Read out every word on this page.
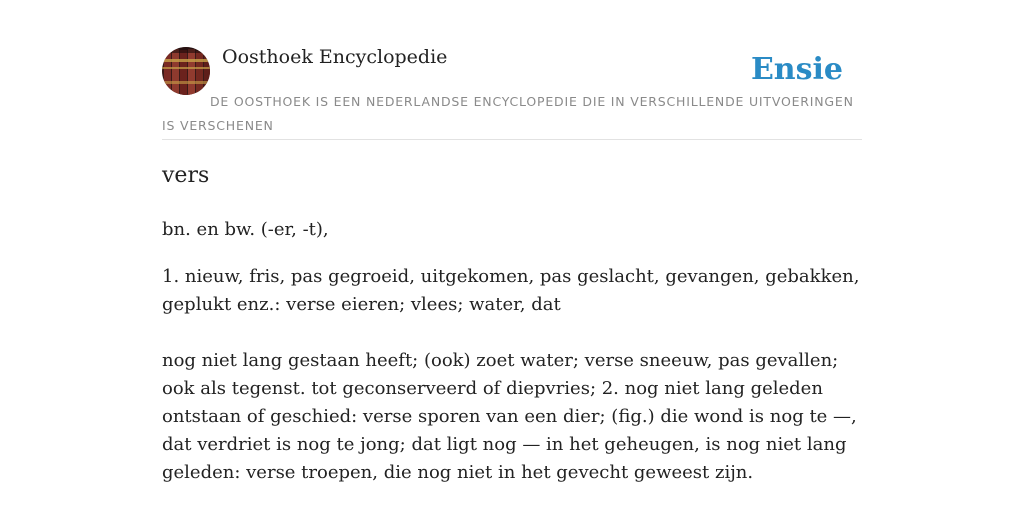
Oosthoek Encyclopedie	Ensie
DE OOSTHOEK IS EEN NEDERLANDSE ENCYCLOPEDIE DIE IN VERSCHILLENDE UITVOERINGEN IS VERSCHENEN
vers
bn. en bw. (-er, -t),
1. nieuw, fris, pas gegroeid, uitgekomen, pas geslacht, gevangen, gebakken, geplukt enz.: verse eieren; vlees; water, dat
nog niet lang gestaan heeft; (ook) zoet water; verse sneeuw, pas gevallen; ook als tegenst. tot geconserveerd of diepvries; 2. nog niet lang geleden ontstaan of geschied: verse sporen van een dier; (fig.) die wond is nog te —, dat verdriet is nog te jong; dat ligt nog — in het geheugen, is nog niet lang geleden: verse troepen, die nog niet in het gevecht geweest zijn.
